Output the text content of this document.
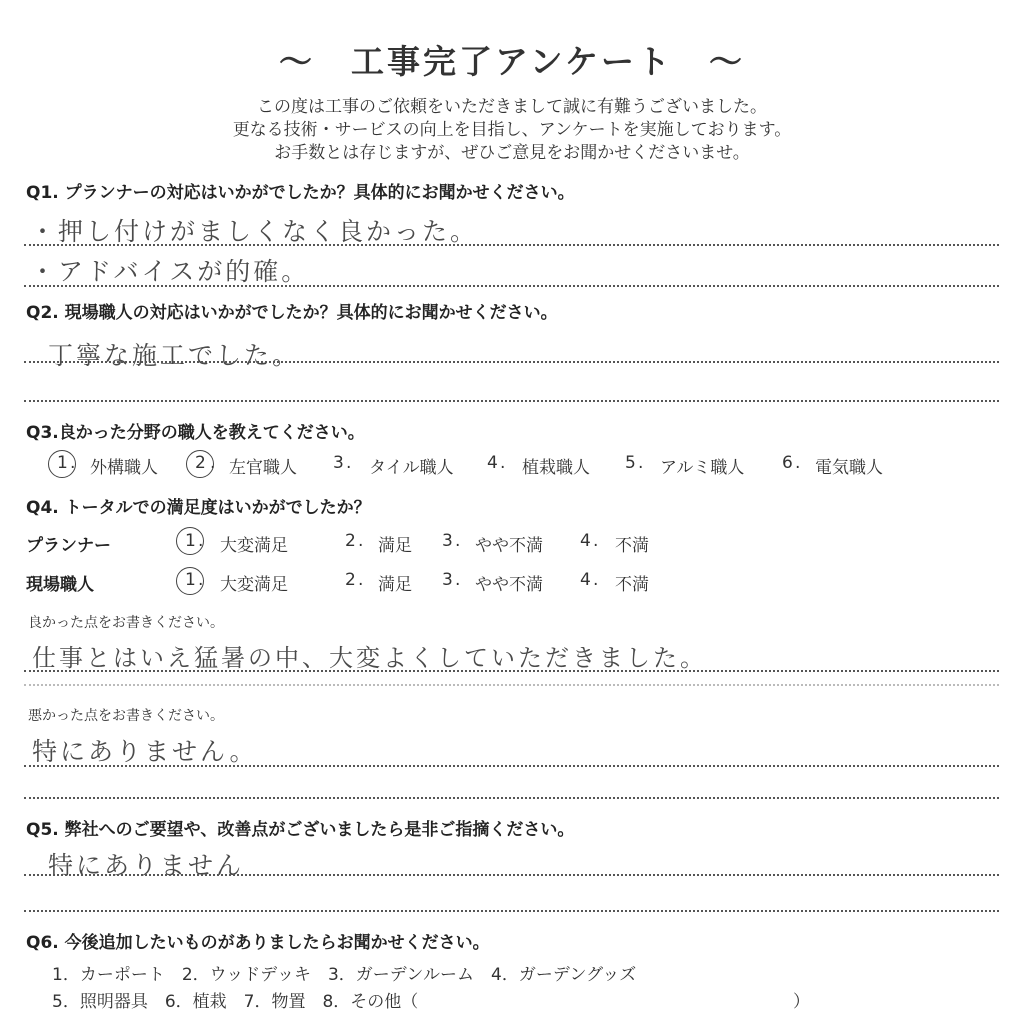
～　工事完了アンケート　～
この度は工事のご依頼をいただきまして誠に有難うございました。
更なる技術・サービスの向上を目指し、アンケートを実施しております。
お手数とは存じますが、ぜひご意見をお聞かせくださいませ。
Q1. プランナーの対応はいかがでしたか？具体的にお聞かせください。
・押し付けがましくなく良かった。
・アドバイスが的確。
Q2. 現場職人の対応はいかがでしたか？具体的にお聞かせください。
丁寧な施工でした。
Q3.良かった分野の職人を教えてください。
1 . 外構職人 2 . 左官職人 3 . タイル職人 4 . 植栽職人 5 . アルミ職人 6 . 電気職人
Q4. トータルでの満足度はいかがでしたか？
プランナー	1 . 大変満足	2 . 満足 3 . やや不満 4 . 不満
現場職人	1 . 大変満足	2 . 満足 3 . やや不満 4 . 不満
良かった点をお書きください。
仕事とはいえ猛暑の中、大変よくしていただきました。
悪かった点をお書きください。
特にありません。
Q5. 弊社へのご要望や、改善点がございましたら是非ご指摘ください。
特にありません
Q6. 今後追加したいものがありましたらお聞かせください。
1．カーポート　2．ウッドデッキ　3．ガーデンルーム　4．ガーデングッズ
5．照明器具　6．植栽　7．物置　8．その他（	）
